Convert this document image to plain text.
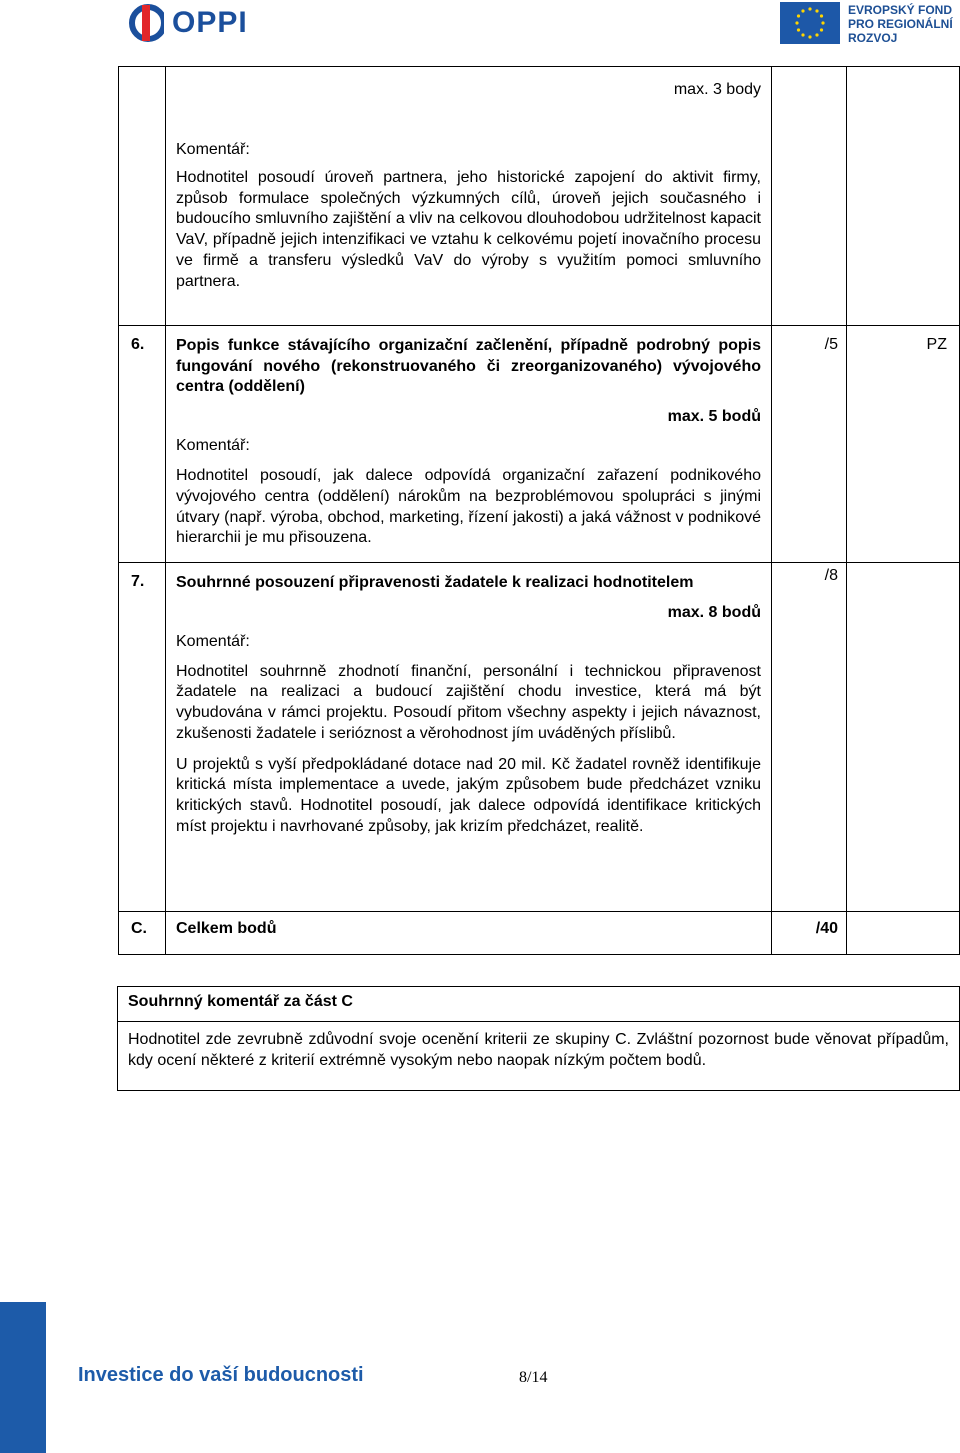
OPPI	EVROPSKÝ FOND
PRO REGIONÁLNÍ
ROZVOJ

	max. 3 body
Komentář:

Hodnotitel posoudí úroveň partnera, jeho historické zapojení do aktivit firmy, způsob formulace společných výzkumných cílů, úroveň jejich současného i budoucího smluvního zajištění a vliv na celkovou dlouhodobou udržitelnost kapacit VaV, případně jejich intenzifikaci ve vztahu k celkovému pojetí inovačního procesu ve firmě a transferu výsledků VaV do výroby s využitím pomoci smluvního partnera.		

6.	Popis funkce stávajícího organizační začlenění, případně podrobný popis fungování nového (rekonstruovaného či zreorganizovaného) vývojového centra (oddělení)

max. 5 bodů
Komentář:

Hodnotitel posoudí, jak dalece odpovídá organizační zařazení podnikového vývojového centra (oddělení) nárokům na bezproblémovou spolupráci s jinými útvary (např. výroba, obchod, marketing, řízení jakosti) a jaká vážnost v podnikové hierarchii je mu přisouzena.	/5	PZ
7.	Souhrnné posouzení připravenosti žadatele k realizaci hodnotitelem

max. 8 bodů
Komentář:

Hodnotitel souhrnně zhodnotí finanční, personální i technickou připravenost žadatele na realizaci a budoucí zajištění chodu investice, která má být vybudována v rámci projektu. Posoudí přitom všechny aspekty i jejich návaznost, zkušenosti žadatele i serióznost a věrohodnost jím uváděných příslibů.

U projektů s vyší předpokládané dotace nad 20 mil. Kč žadatel rovněž identifikuje kritická místa implementace a uvede, jakým způsobem bude předcházet vzniku kritických stavů. Hodnotitel posoudí, jak dalece odpovídá identifikace kritických míst projektu i navrhované způsoby, jak krizím předcházet, realitě.	/8	
C.	Celkem bodů	/40	
Souhrnný komentář za část C
Hodnotitel zde zevrubně zdůvodní svoje ocenění kriterii ze skupiny C. Zvláštní pozornost bude věnovat případům, kdy ocení některé z kriterií extrémně vysokým nebo naopak nízkým počtem bodů.
Investice do vaší budoucnosti	8/14
